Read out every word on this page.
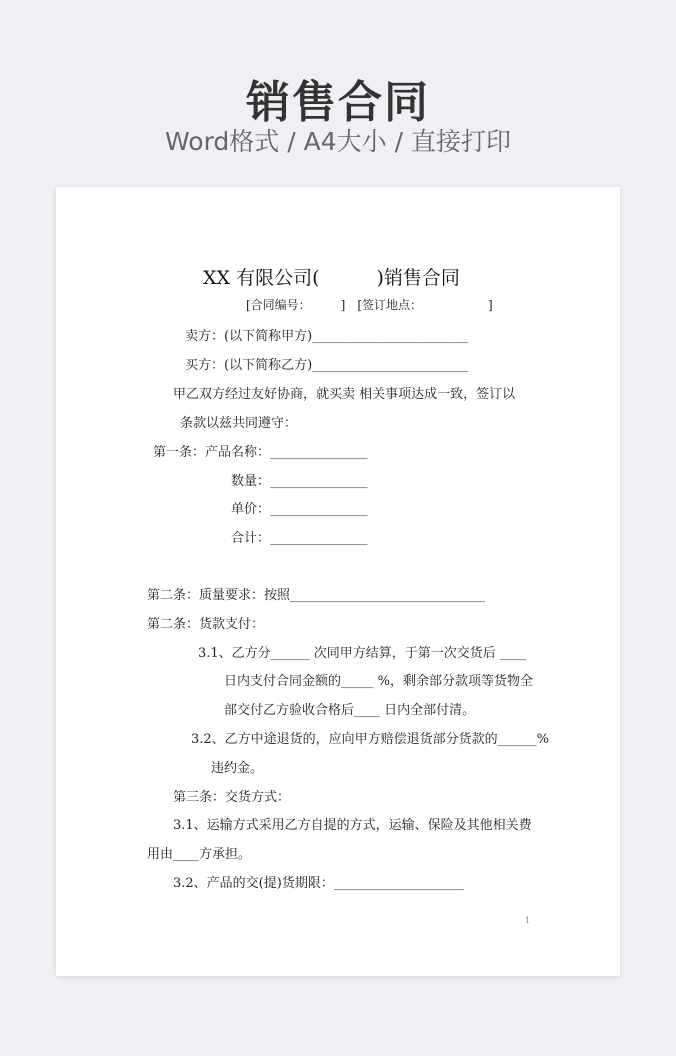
销售合同
Word格式 / A4大小 / 直接打印
XX 有限公司(　　　)销售合同
[合同编号：　　　]　[签订地点：　　　　　　]
卖方：(以下简称甲方)________________________
买方：(以下简称乙方)________________________
甲乙双方经过友好协商，就买卖 相关事项达成一致，签订以
条款以兹共同遵守：
第一条：产品名称：_______________
数量：_______________
单价：_______________
合计：_______________
第二条：质量要求：按照______________________________
第二条：货款支付：
3.1、乙方分______ 次同甲方结算，于第一次交货后 ____
日内支付合同金额的_____ %，剩余部分款项等货物全
部交付乙方验收合格后____ 日内全部付清。
3.2、乙方中途退货的，应向甲方赔偿退货部分货款的______%
违约金。
第三条：交货方式：
3.1、运输方式采用乙方自提的方式，运输、保险及其他相关费
用由____方承担。
3.2、产品的交(提)货期限：____________________
1
